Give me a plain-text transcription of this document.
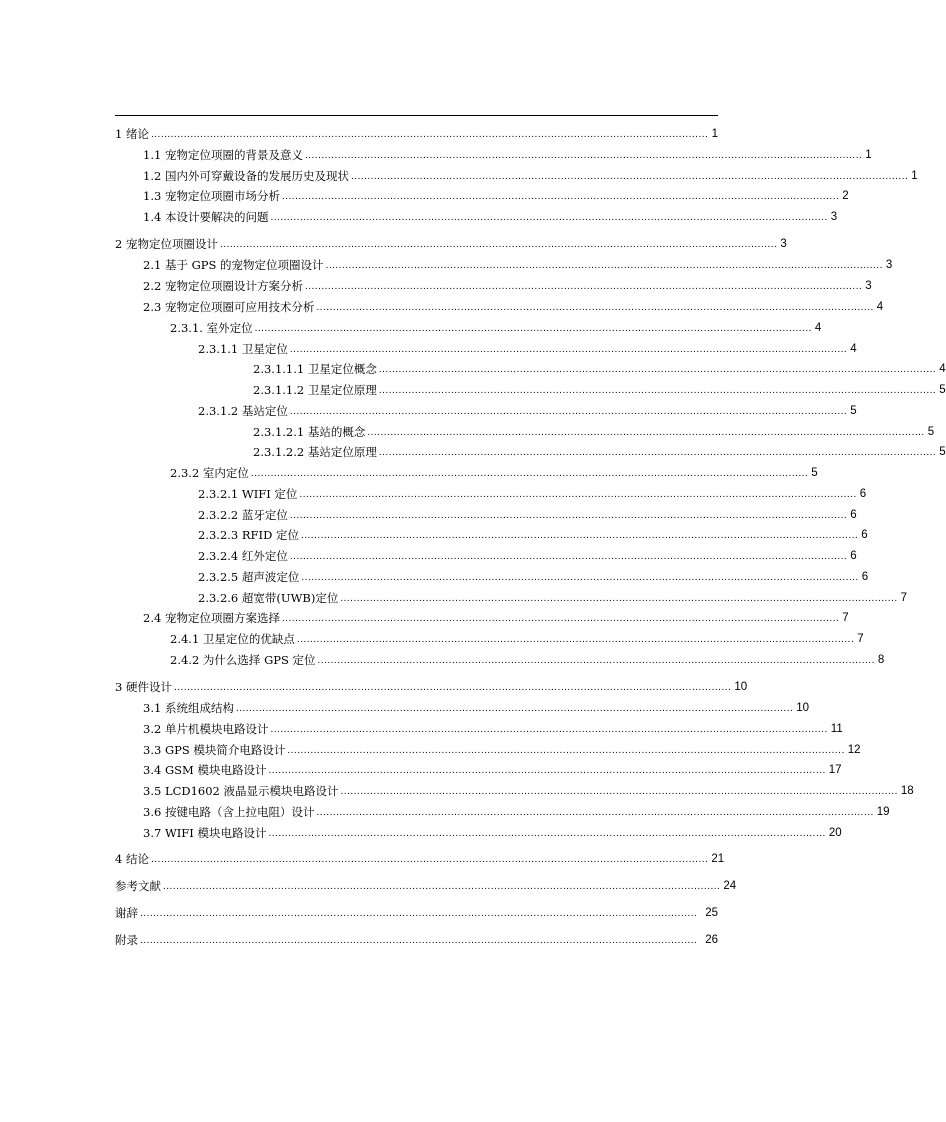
1 绪论 .......................................................................................................................................................................... 1
1.1 宠物定位项圈的背景及意义 .......................................................................................................................................................................... 1
1.2 国内外可穿戴设备的发展历史及现状 .......................................................................................................................................................................... 1
1.3 宠物定位项圈市场分析 .......................................................................................................................................................................... 2
1.4 本设计要解决的问题 .......................................................................................................................................................................... 3
2 宠物定位项圈设计 .......................................................................................................................................................................... 3
2.1 基于 GPS 的宠物定位项圈设计 .......................................................................................................................................................................... 3
2.2 宠物定位项圈设计方案分析 .......................................................................................................................................................................... 3
2.3 宠物定位项圈可应用技术分析 .......................................................................................................................................................................... 4
2.3.1. 室外定位 .......................................................................................................................................................................... 4
2.3.1.1 卫星定位 .......................................................................................................................................................................... 4
2.3.1.1.1 卫星定位概念 .......................................................................................................................................................................... 4
2.3.1.1.2 卫星定位原理 .......................................................................................................................................................................... 5
2.3.1.2 基站定位 .......................................................................................................................................................................... 5
2.3.1.2.1 基站的概念 .......................................................................................................................................................................... 5
2.3.1.2.2 基站定位原理 .......................................................................................................................................................................... 5
2.3.2 室内定位 .......................................................................................................................................................................... 5
2.3.2.1 WIFI 定位 .......................................................................................................................................................................... 6
2.3.2.2 蓝牙定位 .......................................................................................................................................................................... 6
2.3.2.3 RFID 定位 .......................................................................................................................................................................... 6
2.3.2.4 红外定位 .......................................................................................................................................................................... 6
2.3.2.5 超声波定位 .......................................................................................................................................................................... 6
2.3.2.6 超宽带(UWB)定位 .......................................................................................................................................................................... 7
2.4 宠物定位项圈方案选择 .......................................................................................................................................................................... 7
2.4.1 卫星定位的优缺点 .......................................................................................................................................................................... 7
2.4.2 为什么选择 GPS 定位 .......................................................................................................................................................................... 8
3 硬件设计 .......................................................................................................................................................................... 10
3.1 系统组成结构 .......................................................................................................................................................................... 10
3.2 单片机模块电路设计 .......................................................................................................................................................................... 11
3.3 GPS 模块简介电路设计 .......................................................................................................................................................................... 12
3.4 GSM 模块电路设计 .......................................................................................................................................................................... 17
3.5 LCD1602 液晶显示模块电路设计 .......................................................................................................................................................................... 18
3.6 按键电路（含上拉电阻）设计 .......................................................................................................................................................................... 19
3.7 WIFI 模块电路设计 .......................................................................................................................................................................... 20
4 结论 .......................................................................................................................................................................... 21
参考文献 .......................................................................................................................................................................... 24
谢辞 .......................................................................................................................................................................... 25
附录 .......................................................................................................................................................................... 26
